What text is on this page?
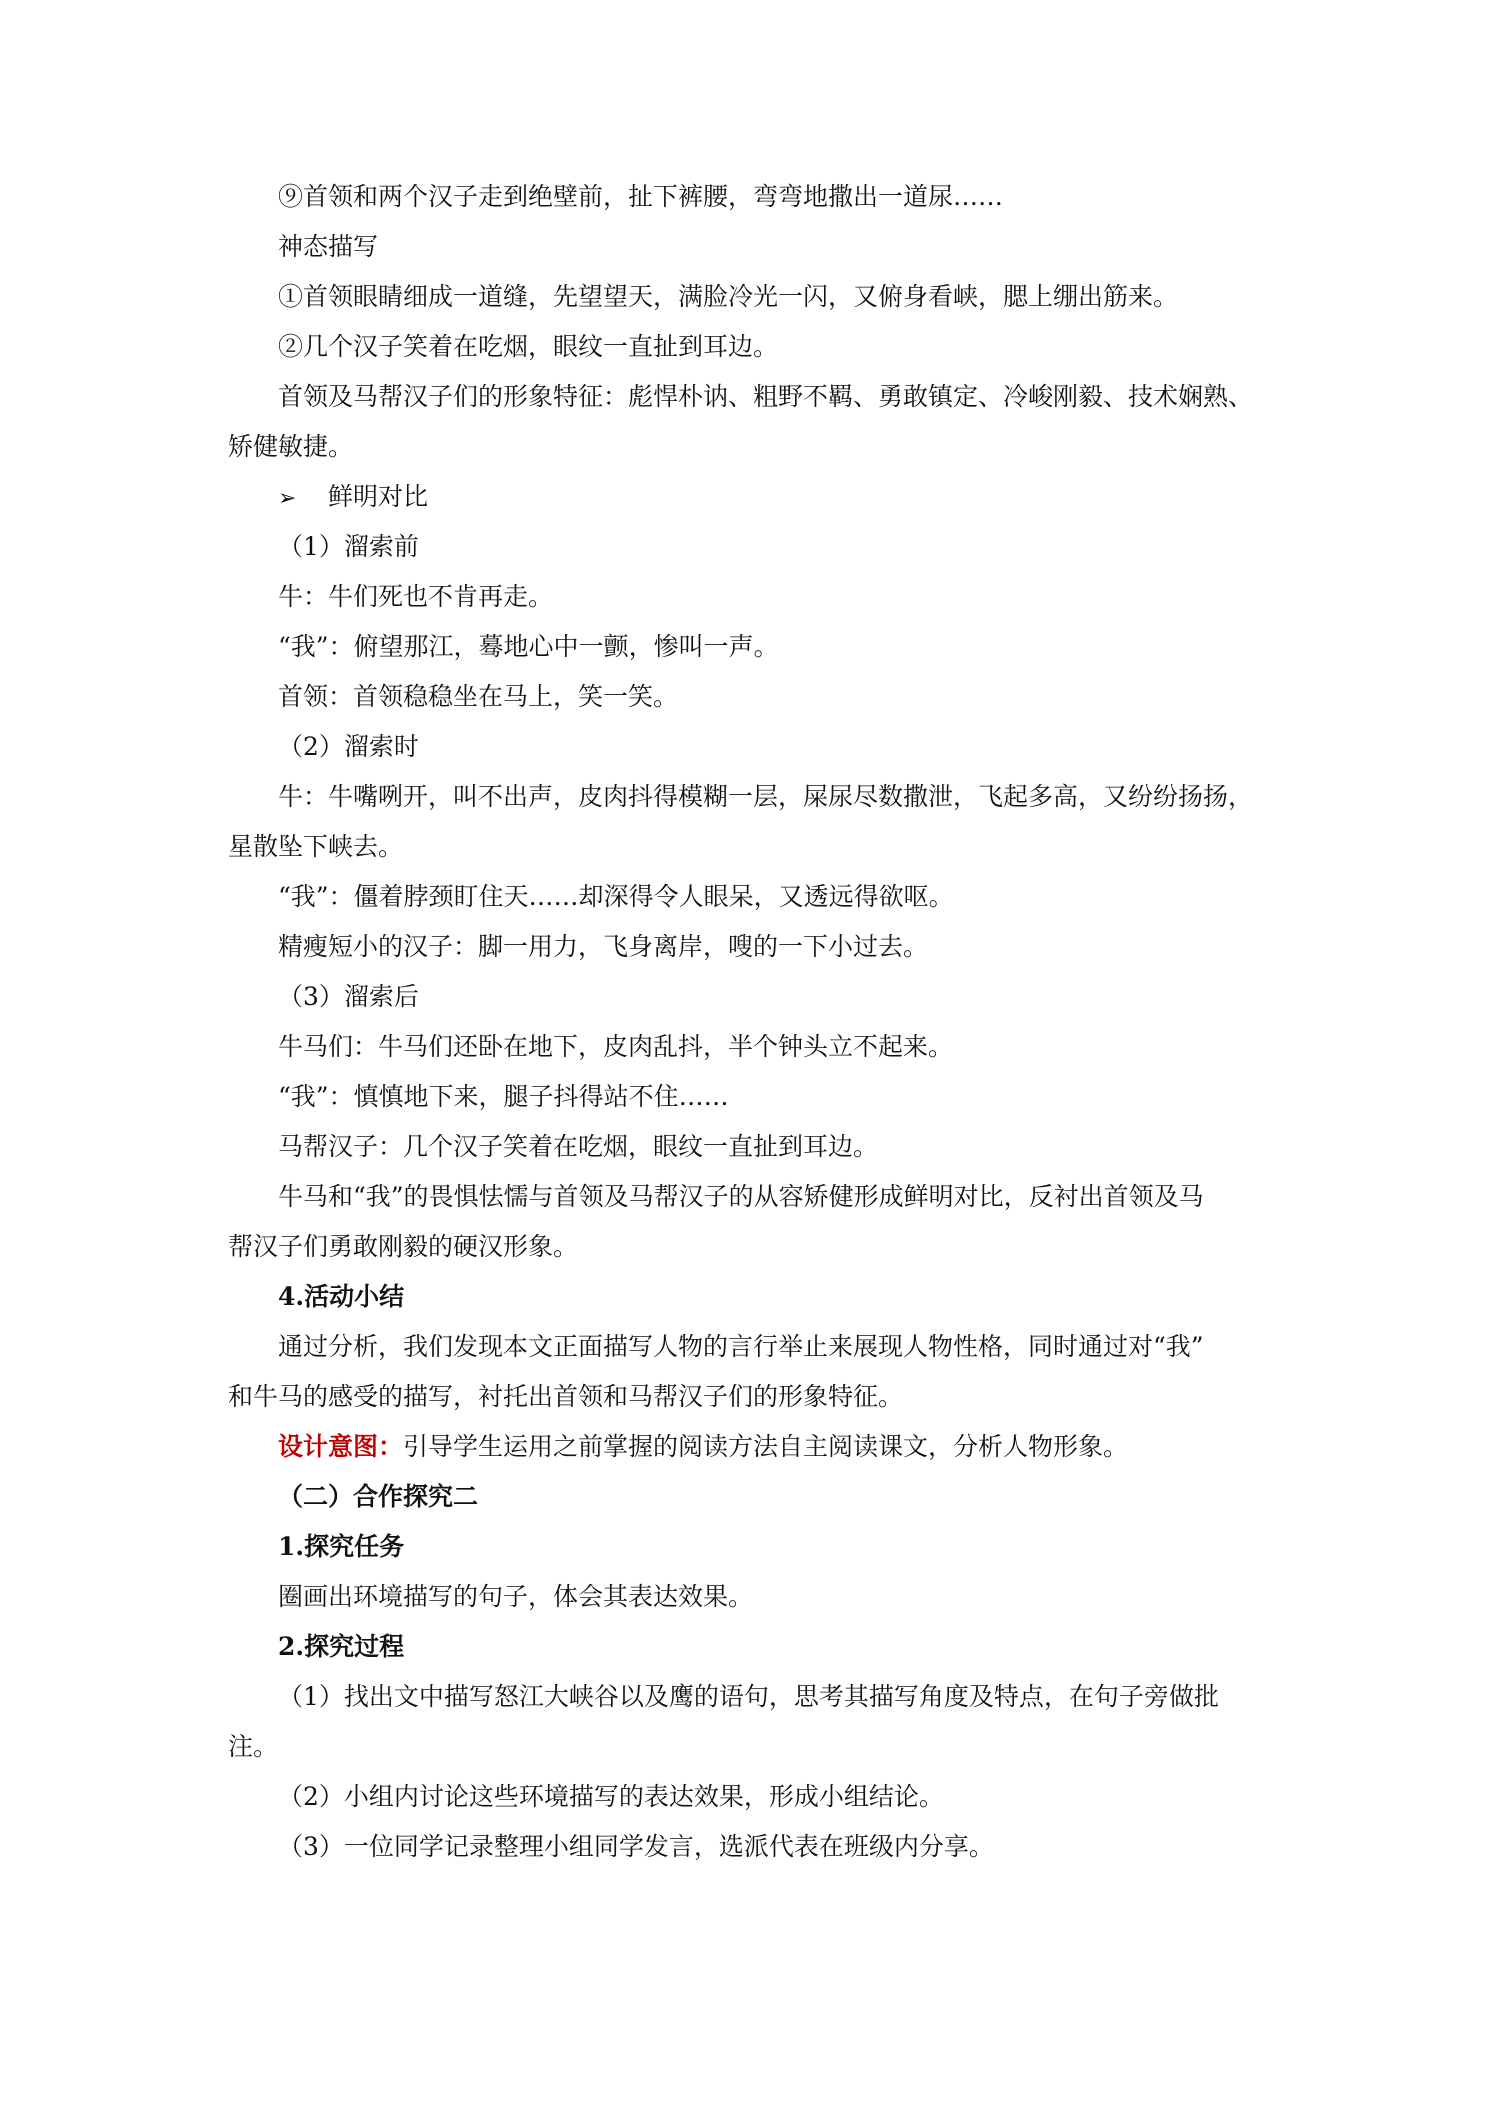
⑨首领和两个汉子走到绝壁前，扯下裤腰，弯弯地撒出一道尿……
神态描写
①首领眼睛细成一道缝，先望望天，满脸冷光一闪，又俯身看峡，腮上绷出筋来。
②几个汉子笑着在吃烟，眼纹一直扯到耳边。
首领及马帮汉子们的形象特征：彪悍朴讷、粗野不羁、勇敢镇定、冷峻刚毅、技术娴熟、
矫健敏捷。
➢ 鲜明对比
（1）溜索前
牛：牛们死也不肯再走。
“我”：俯望那江，蓦地心中一颤，惨叫一声。
首领：首领稳稳坐在马上，笑一笑。
（2）溜索时
牛：牛嘴咧开，叫不出声，皮肉抖得模糊一层，屎尿尽数撒泄，飞起多高，又纷纷扬扬，
星散坠下峡去。
“我”：僵着脖颈盯住天……却深得令人眼呆，又透远得欲呕。
精瘦短小的汉子：脚一用力，飞身离岸，嗖的一下小过去。
（3）溜索后
牛马们：牛马们还卧在地下，皮肉乱抖，半个钟头立不起来。
“我”：慎慎地下来，腿子抖得站不住……
马帮汉子：几个汉子笑着在吃烟，眼纹一直扯到耳边。
牛马和“我”的畏惧怯懦与首领及马帮汉子的从容矫健形成鲜明对比，反衬出首领及马
帮汉子们勇敢刚毅的硬汉形象。
4.活动小结
通过分析，我们发现本文正面描写人物的言行举止来展现人物性格，同时通过对“我”
和牛马的感受的描写，衬托出首领和马帮汉子们的形象特征。
设计意图：引导学生运用之前掌握的阅读方法自主阅读课文，分析人物形象。
（二）合作探究二
1.探究任务
圈画出环境描写的句子，体会其表达效果。
2.探究过程
（1）找出文中描写怒江大峡谷以及鹰的语句，思考其描写角度及特点，在句子旁做批
注。
（2）小组内讨论这些环境描写的表达效果，形成小组结论。
（3）一位同学记录整理小组同学发言，选派代表在班级内分享。
